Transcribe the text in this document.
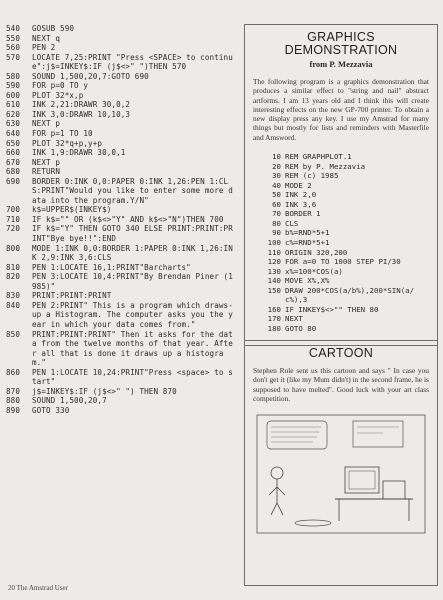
540	GOSUB 590
550	NEXT q
560	PEN 2
570	LOCATE 7,25:PRINT "Press <SPACE> to continue":j$=INKEY$:IF (j$<>" ")THEN 570
580	SOUND 1,500,20,7:GOTO 690
590	FOR p=0 TO y
600	PLOT 32*x,p
610	INK 2,21:DRAWR 30,0,2
620	INK 3,0:DRAWR 10,10,3
630	NEXT p
640	FOR p=1 TO 10
650	PLOT 32*q+p,y+p
660	INK 1,9:DRAWR 30,0,1
670	NEXT p
680	RETURN
690	BORDER 0:INK 0,0:PAPER 0:INK 1,26:PEN 1:CLS:PRINT"Would you like to enter some more data into the program.Y/N"
700	k$=UPPER$(INKEY$)
710	IF k$="" OR (k$<>"Y" AND k$<>"N")THEN 700
720	IF k$="Y" THEN GOTO 340 ELSE PRINT:PRINT:PRINT"Bye bye!!":END
800	MODE 1:INK 0,0:BORDER 1:PAPER 0:INK 1,26:INK 2,9:INK 3,6:CLS
810	PEN 1:LOCATE 16,1:PRINT"Barcharts"
820	PEN 3:LOCATE 10,4:PRINT"By Brendan Piner (1985)"
830	PRINT:PRINT:PRINT
840	PEN 2:PRINT" This is a program which draws-up a Histogram. The computer asks you the year in which your data comes from."
850	PRINT:PRINT:PRINT" Then it asks for the data from the twelve months of that year. After all that is done it draws up a histogram."
860	PEN 1:LOCATE 10,24:PRINT"Press <space> to start"
870	j$=INKEY$:IF (j$<>" ") THEN 870
880	SOUND 1,500,20,7
890	GOTO 330
GRAPHICS
DEMONSTRATION
from P. Mezzavia
The following program is a graphics demonstration that produces a similar effect to "string and nail" abstract artforms. I am 13 years old and I think this will create interesting effects on the new GP-700 printer. To obtain a new display press any key. I use my Amstrad for many things but mostly for lists and reminders with Masterfile and Amsword.
10 REM GRAPHPLOT.1
20 REM by P. Mezzavia
30 REM (c) 1985
40 MODE 2
50 INK 2,0
60 INK 3,6
70 BORDER 1
80 CLS
90 b%=RND*5+1
100 c%=RND*5+1
110 ORIGIN 320,200
120 FOR a=0 TO 1000 STEP PI/30
130 x%=100*COS(a)
140 MOVE X%,X%
150 DRAW 200*COS(a/b%),200*SIN(a/c%),3
160 IF INKEY$<>"" THEN 80
170 NEXT
180 GOTO 80
CARTOON
Stephen Rule sent us this cartoon and says " In case you don't get it (like my Mum didn't) in the second frame, he is supposed to have melted". Good luck with your art class competition.
20 The Amstrad User
